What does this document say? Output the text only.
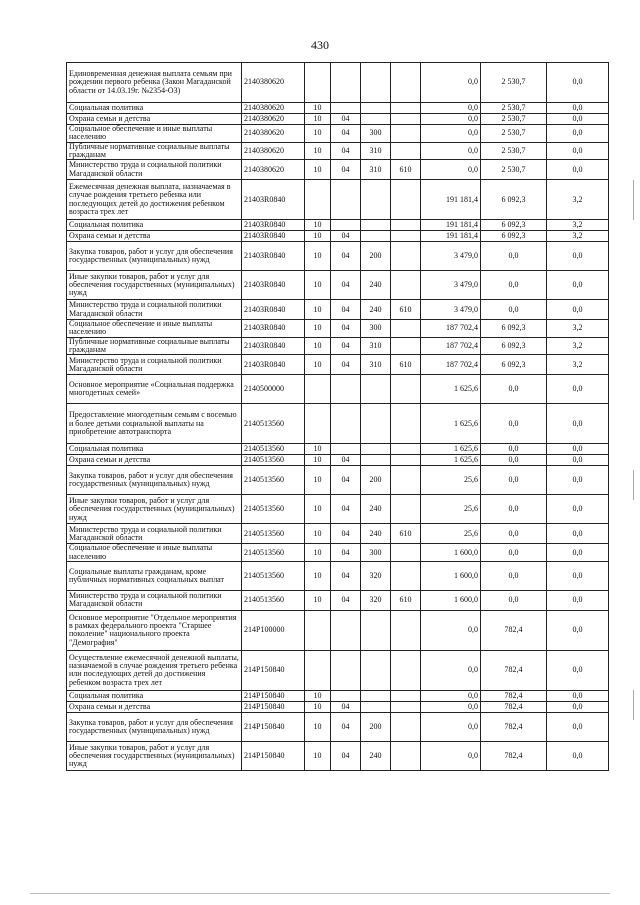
430
Единовременная денежная выплата семьям при рождении первого ребенка (Закон Магаданской области от 14.03.19г. №2354-ОЗ)	2140380620					0,0	2 530,7	0,0
Социальная политика	2140380620	10				0,0	2 530,7	0,0
Охрана семьи и детства	2140380620	10	04			0,0	2 530,7	0,0
Социальное обеспечение и иные выплаты населению	2140380620	10	04	300		0,0	2 530,7	0,0
Публичные нормативные социальные выплаты гражданам	2140380620	10	04	310		0,0	2 530,7	0,0
Министерство труда и социальной политики Магаданской области	2140380620	10	04	310	610	0,0	2 530,7	0,0
Ежемесячная денежная выплата, назначаемая в случае рождения третьего ребенка или последующих детей до достижения ребенком возраста трех лет	21403R0840					191 181,4	6 092,3	3,2
Социальная политика	21403R0840	10				191 181,4	6 092,3	3,2
Охрана семьи и детства	21403R0840	10	04			191 181,4	6 092,3	3,2
Закупка товаров, работ и услуг для обеспечения государственных (муниципальных) нужд	21403R0840	10	04	200		3 479,0	0,0	0,0
Иные закупки товаров, работ и услуг для обеспечения государственных (муниципальных) нужд	21403R0840	10	04	240		3 479,0	0,0	0,0
Министерство труда и социальной политики Магаданской области	21403R0840	10	04	240	610	3 479,0	0,0	0,0
Социальное обеспечение и иные выплаты населению	21403R0840	10	04	300		187 702,4	6 092,3	3,2
Публичные нормативные социальные выплаты гражданам	21403R0840	10	04	310		187 702,4	6 092,3	3,2
Министерство труда и социальной политики Магаданской области	21403R0840	10	04	310	610	187 702,4	6 092,3	3,2
Основное мероприятие «Социальная поддержка многодетных семей»	2140500000					1 625,6	0,0	0,0
Предоставление многодетным семьям с восемью и более детьми социальной выплаты на приобретение автотранспорта	2140513560					1 625,6	0,0	0,0
Социальная политика	2140513560	10				1 625,6	0,0	0,0
Охрана семьи и детства	2140513560	10	04			1 625,6	0,0	0,0
Закупка товаров, работ и услуг для обеспечения государственных (муниципальных) нужд	2140513560	10	04	200		25,6	0,0	0,0
Иные закупки товаров, работ и услуг для обеспечения государственных (муниципальных) нужд	2140513560	10	04	240		25,6	0,0	0,0
Министерство труда и социальной политики Магаданской области	2140513560	10	04	240	610	25,6	0,0	0,0
Социальное обеспечение и иные выплаты населению	2140513560	10	04	300		1 600,0	0,0	0,0
Социальные выплаты гражданам, кроме публичных нормативных социальных выплат	2140513560	10	04	320		1 600,0	0,0	0,0
Министерство труда и социальной политики Магаданской области	2140513560	10	04	320	610	1 600,0	0,0	0,0
Основное мероприятие "Отдельное мероприятия в рамках федерального проекта "Старшее поколение" национального проекта "Демография"	214P100000					0,0	782,4	0,0
Осуществление ежемесячной денежной выплаты, назначаемой в случае рождения третьего ребенка или последующих детей до достижения ребенком возраста трех лет	214P150840					0,0	782,4	0,0
Социальная политика	214P150840	10				0,0	782,4	0,0
Охрана семьи и детства	214P150840	10	04			0,0	782,4	0,0
Закупка товаров, работ и услуг для обеспечения государственных (муниципальных) нужд	214P150840	10	04	200		0,0	782,4	0,0
Иные закупки товаров, работ и услуг для обеспечения государственных (муниципальных) нужд	214P150840	10	04	240		0,0	782,4	0,0
